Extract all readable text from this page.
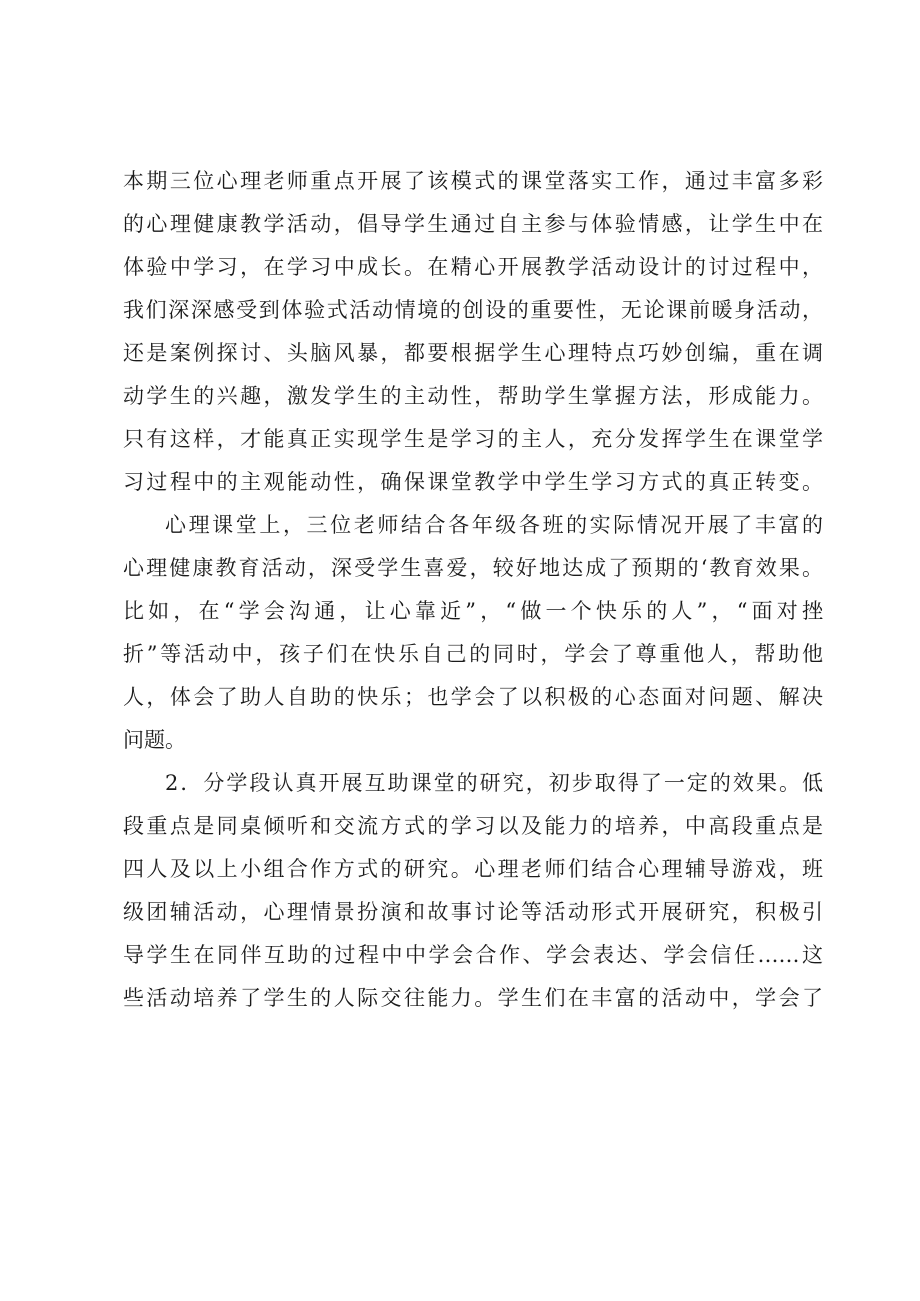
本期三位心理老师重点开展了该模式的课堂落实工作，通过丰富多彩
的心理健康教学活动，倡导学生通过自主参与体验情感，让学生中在
体验中学习，在学习中成长。在精心开展教学活动设计的讨过程中，
我们深深感受到体验式活动情境的创设的重要性，无论课前暖身活动，
还是案例探讨、头脑风暴，都要根据学生心理特点巧妙创编，重在调
动学生的兴趣，激发学生的主动性，帮助学生掌握方法，形成能力。
只有这样，才能真正实现学生是学习的主人，充分发挥学生在课堂学
习过程中的主观能动性，确保课堂教学中学生学习方式的真正转变。
心理课堂上，三位老师结合各年级各班的实际情况开展了丰富的
心理健康教育活动，深受学生喜爱，较好地达成了预期的‘教育效果。
比如，在“学会沟通，让心靠近”，“做一个快乐的人”，“面对挫
折”等活动中，孩子们在快乐自己的同时，学会了尊重他人，帮助他
人，体会了助人自助的快乐；也学会了以积极的心态面对问题、解决
问题。
2．分学段认真开展互助课堂的研究，初步取得了一定的效果。低
段重点是同桌倾听和交流方式的学习以及能力的培养，中高段重点是
四人及以上小组合作方式的研究。心理老师们结合心理辅导游戏，班
级团辅活动，心理情景扮演和故事讨论等活动形式开展研究，积极引
导学生在同伴互助的过程中中学会合作、学会表达、学会信任……这
些活动培养了学生的人际交往能力。学生们在丰富的活动中，学会了
